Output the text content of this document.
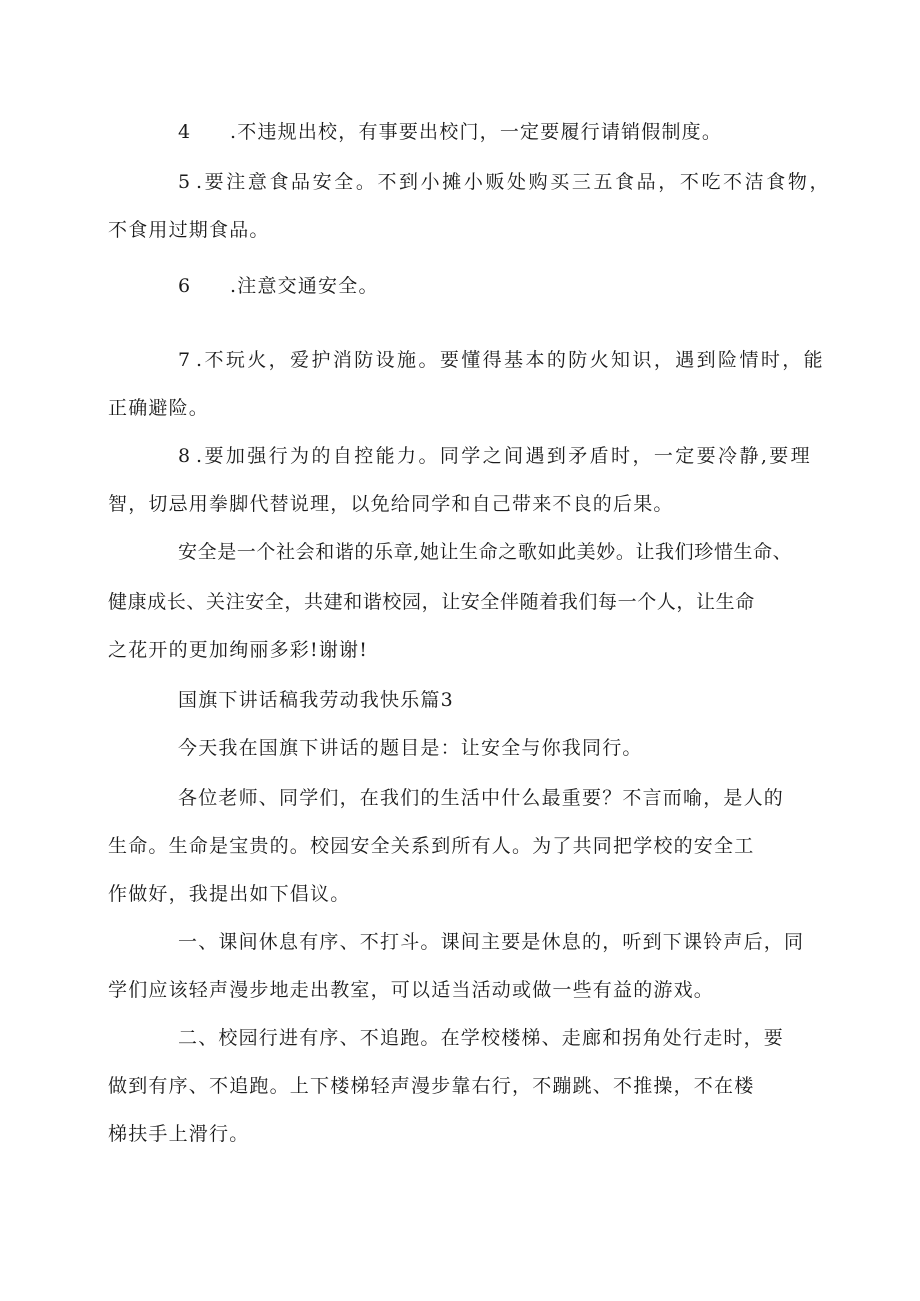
4 .不违规出校，有事要出校门，一定要履行请销假制度。
5 .要注意食品安全。不到小摊小贩处购买三五食品，不吃不洁食物，
不食用过期食品。
6 .注意交通安全。
7 .不玩火，爱护消防设施。要懂得基本的防火知识，遇到险情时，能
正确避险。
8 .要加强行为的自控能力。同学之间遇到矛盾时，一定要冷静,要理
智，切忌用拳脚代替说理，以免给同学和自己带来不良的后果。
安全是一个社会和谐的乐章,她让生命之歌如此美妙。让我们珍惜生命、
健康成长、关注安全，共建和谐校园，让安全伴随着我们每一个人，让生命
之花开的更加绚丽多彩!谢谢!
国旗下讲话稿我劳动我快乐篇3
今天我在国旗下讲话的题目是：让安全与你我同行。
各位老师、同学们，在我们的生活中什么最重要？不言而喻，是人的
生命。生命是宝贵的。校园安全关系到所有人。为了共同把学校的安全工
作做好，我提出如下倡议。
一、课间休息有序、不打斗。课间主要是休息的，听到下课铃声后，同
学们应该轻声漫步地走出教室，可以适当活动或做一些有益的游戏。
二、校园行进有序、不追跑。在学校楼梯、走廊和拐角处行走时，要
做到有序、不追跑。上下楼梯轻声漫步靠右行，不蹦跳、不推操，不在楼
梯扶手上滑行。
